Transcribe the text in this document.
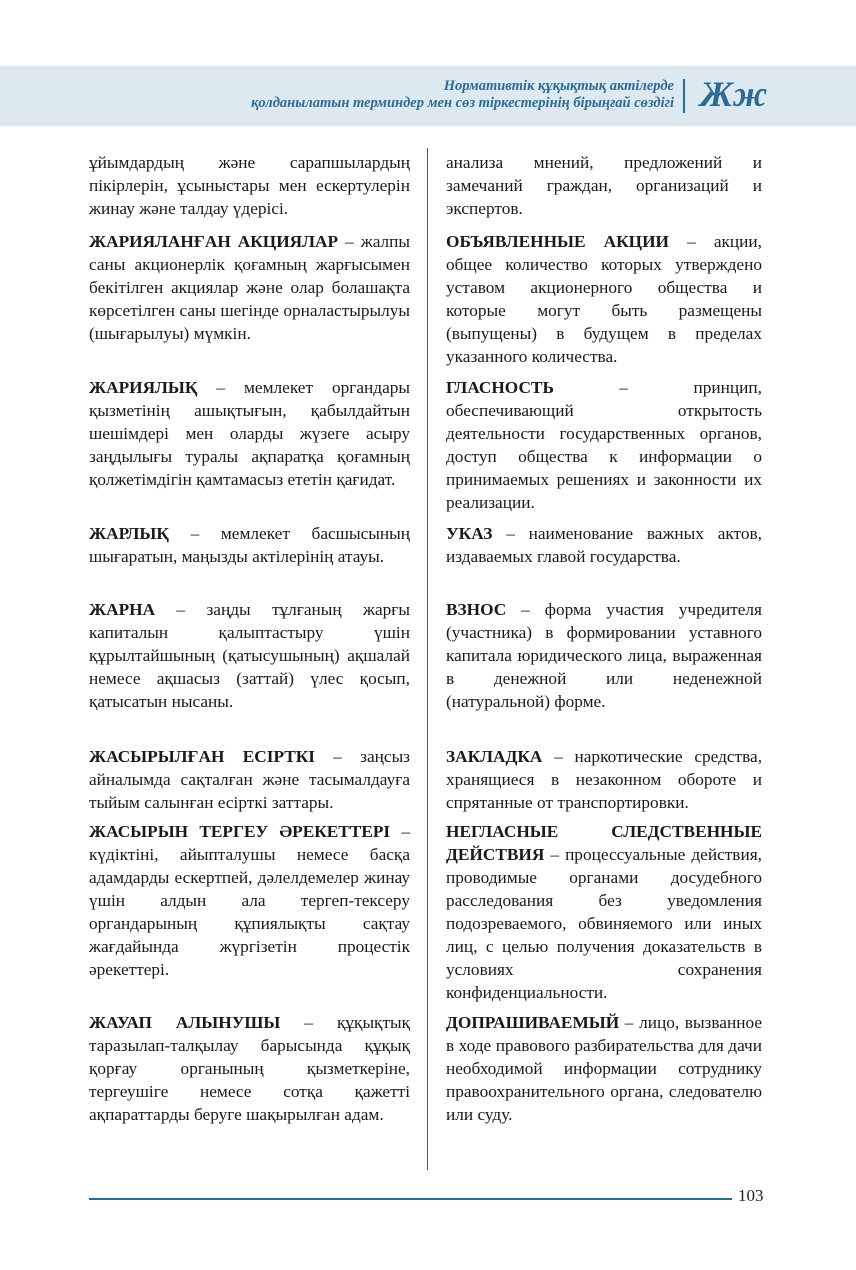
Нормативтік құқықтық актілерде
қолданылатын терминдер мен сөз тіркестерінің бірыңғай сөздігі Жж

ұйымдардың және сарапшылардың пікірлерін, ұсыныстары мен ескертулерін жинау және талдау үдерісі.

ЖАРИЯЛАНҒАН АКЦИЯЛАР – жалпы саны акционерлік қоғамның жарғысымен бекітілген акциялар және олар болашақта көрсетілген саны шегінде орналастырылуы (шығарылуы) мүмкін.

ЖАРИЯЛЫҚ – мемлекет органдары қызметінің ашықтығын, қабылдайтын шешімдері мен оларды жүзеге асыру заңдылығы туралы ақпаратқа қоғамның қолжетімдігін қамтамасыз ететін қағидат.

ЖАРЛЫҚ – мемлекет басшысының шығаратын, маңызды актілерінің атауы.

ЖАРНА – заңды тұлғаның жарғы капиталын қалыптастыру үшін құрылтайшының (қатысушының) ақшалай немесе ақшасыз (заттай) үлес қосып, қатысатын нысаны.

ЖАСЫРЫЛҒАН ЕСІРТКІ – заңсыз айналымда сақталған және тасымалдауға тыйым салынған есірткі заттары.

ЖАСЫРЫН ТЕРГЕУ ӘРЕКЕТТЕРІ – күдіктіні, айыпталушы немесе басқа адамдарды ескертпей, дәлелдемелер жинау үшін алдын ала тергеп-тексеру органдарының құпиялықты сақтау жағдайында жүргізетін процестік әрекеттері.

ЖАУАП АЛЫНУШЫ – құқықтық таразылап-талқылау барысында құқық қорғау органының қызметкеріне, тергеушіге немесе сотқа қажетті ақпараттарды беруге шақырылған адам.

анализа мнений, предложений и замечаний граждан, организаций и экспертов.

ОБЪЯВЛЕННЫЕ АКЦИИ – акции, общее количество которых утверждено уставом акционерного общества и которые могут быть размещены (выпущены) в будущем в пределах указанного количества.

ГЛАСНОСТЬ – принцип, обеспечивающий открытость деятельности государственных органов, доступ общества к информации о принимаемых решениях и законности их реализации.

УКАЗ – наименование важных актов, издаваемых главой государства.

ВЗНОС – форма участия учредителя (участника) в формировании уставного капитала юридического лица, выраженная в денежной или неденежной (натуральной) форме.

ЗАКЛАДКА – наркотические средства, хранящиеся в незаконном обороте и спрятанные от транспортировки.

НЕГЛАСНЫЕ СЛЕДСТВЕННЫЕ ДЕЙСТВИЯ – процессуальные действия, проводимые органами досудебного расследования без уведомления подозреваемого, обвиняемого или иных лиц, с целью получения доказательств в условиях сохранения конфиденциальности.

ДОПРАШИВАЕМЫЙ – лицо, вызванное в ходе правового разбирательства для дачи необходимой информации сотруднику правоохранительного органа, следователю или суду.

103
